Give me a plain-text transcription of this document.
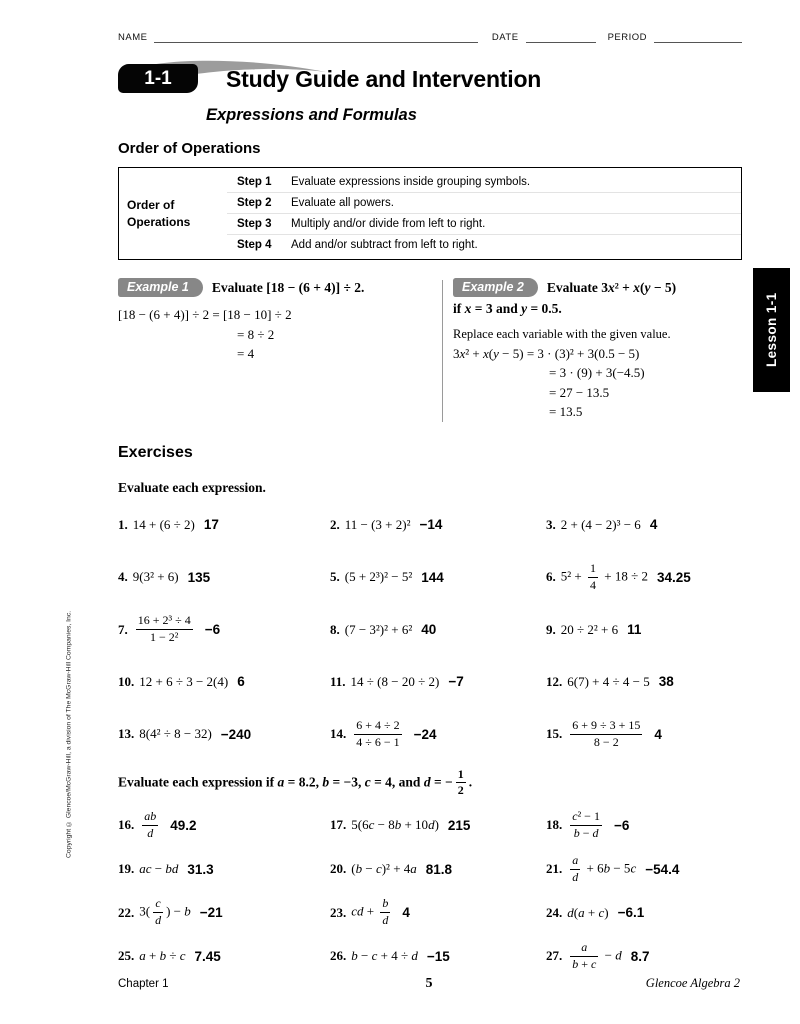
NAME	DATE	PERIOD
1-1 Study Guide and Intervention
Expressions and Formulas
Order of Operations
Order of Operations
Step 1	Evaluate expressions inside grouping symbols.
Step 2	Evaluate all powers.
Step 3	Multiply and/or divide from left to right.
Step 4	Add and/or subtract from left to right.
Example 1	Evaluate [18 − (6 + 4)] ÷ 2.
[18 − (6 + 4)] ÷ 2 = [18 − 10] ÷ 2
= 8 ÷ 2
= 4
Example 2	Evaluate 3x² + x(y − 5)
if x = 3 and y = 0.5.
Replace each variable with the given value.
3x² + x(y − 5) = 3 · (3)² + 3(0.5 − 5)
= 3 · (9) + 3(−4.5)
= 27 − 13.5
= 13.5
Exercises

Evaluate each expression.

1. 14 + (6 ÷ 2) 17	2. 11 − (3 + 2)² −14	3. 2 + (4 − 2)³ − 6 4
4. 9(3² + 6) 135	5. (5 + 2³)² − 5² 144	6. $5^2 + \frac{1}{4} + 18 \div 2$ 34.25
7. $\frac{\text{16 + 2³ ÷ 4}}{\text{1 − 2²}} -6$	8. (7 − 3²)² + 6² 40	9. 20 ÷ 2² + 6 11
10. 12 + 6 ÷ 3 − 2(4) 6	11. 14 ÷ (8 − 20 ÷ 2) −7	12. 6(7) + 4 ÷ 4 − 5 38
13. 8(4² ÷ 8 − 32) −240	14. $\frac{6 + 4 \div 2}{4 \div 6 - 1} -24$	15. $\frac{6 + 9 \div 3 + 15}{8 - 2} 4$

Evaluate each expression if a = 8.2, b = −3, c = 4, and d = − $\frac{1}{2}$ .

16. $\frac{ab}{d} 49.2$	17. 5(6c − 8b + 10d) 215	18. $\frac{\text{c² − 1}}{b - d} -6$
19. ac − bd 31.3	20. (b − c)² + 4a 81.8	21. $\frac{a}{d} + 6b - 5c -54.4$
22. $3( \frac{c}{d}$ ) − b −21	23. cd + $\frac{b}{d} 4$	24. d(a + c) −6.1
25. a + b ÷ c 7.45	26. b − c + 4 ÷ d −15	27. $\frac{a}{b + c} - d$ 8.7
Lesson 1-1
Copyright © Glencoe/McGraw-Hill, a division of The McGraw-Hill Companies, Inc.
Chapter 1	5	Glencoe Algebra 2
